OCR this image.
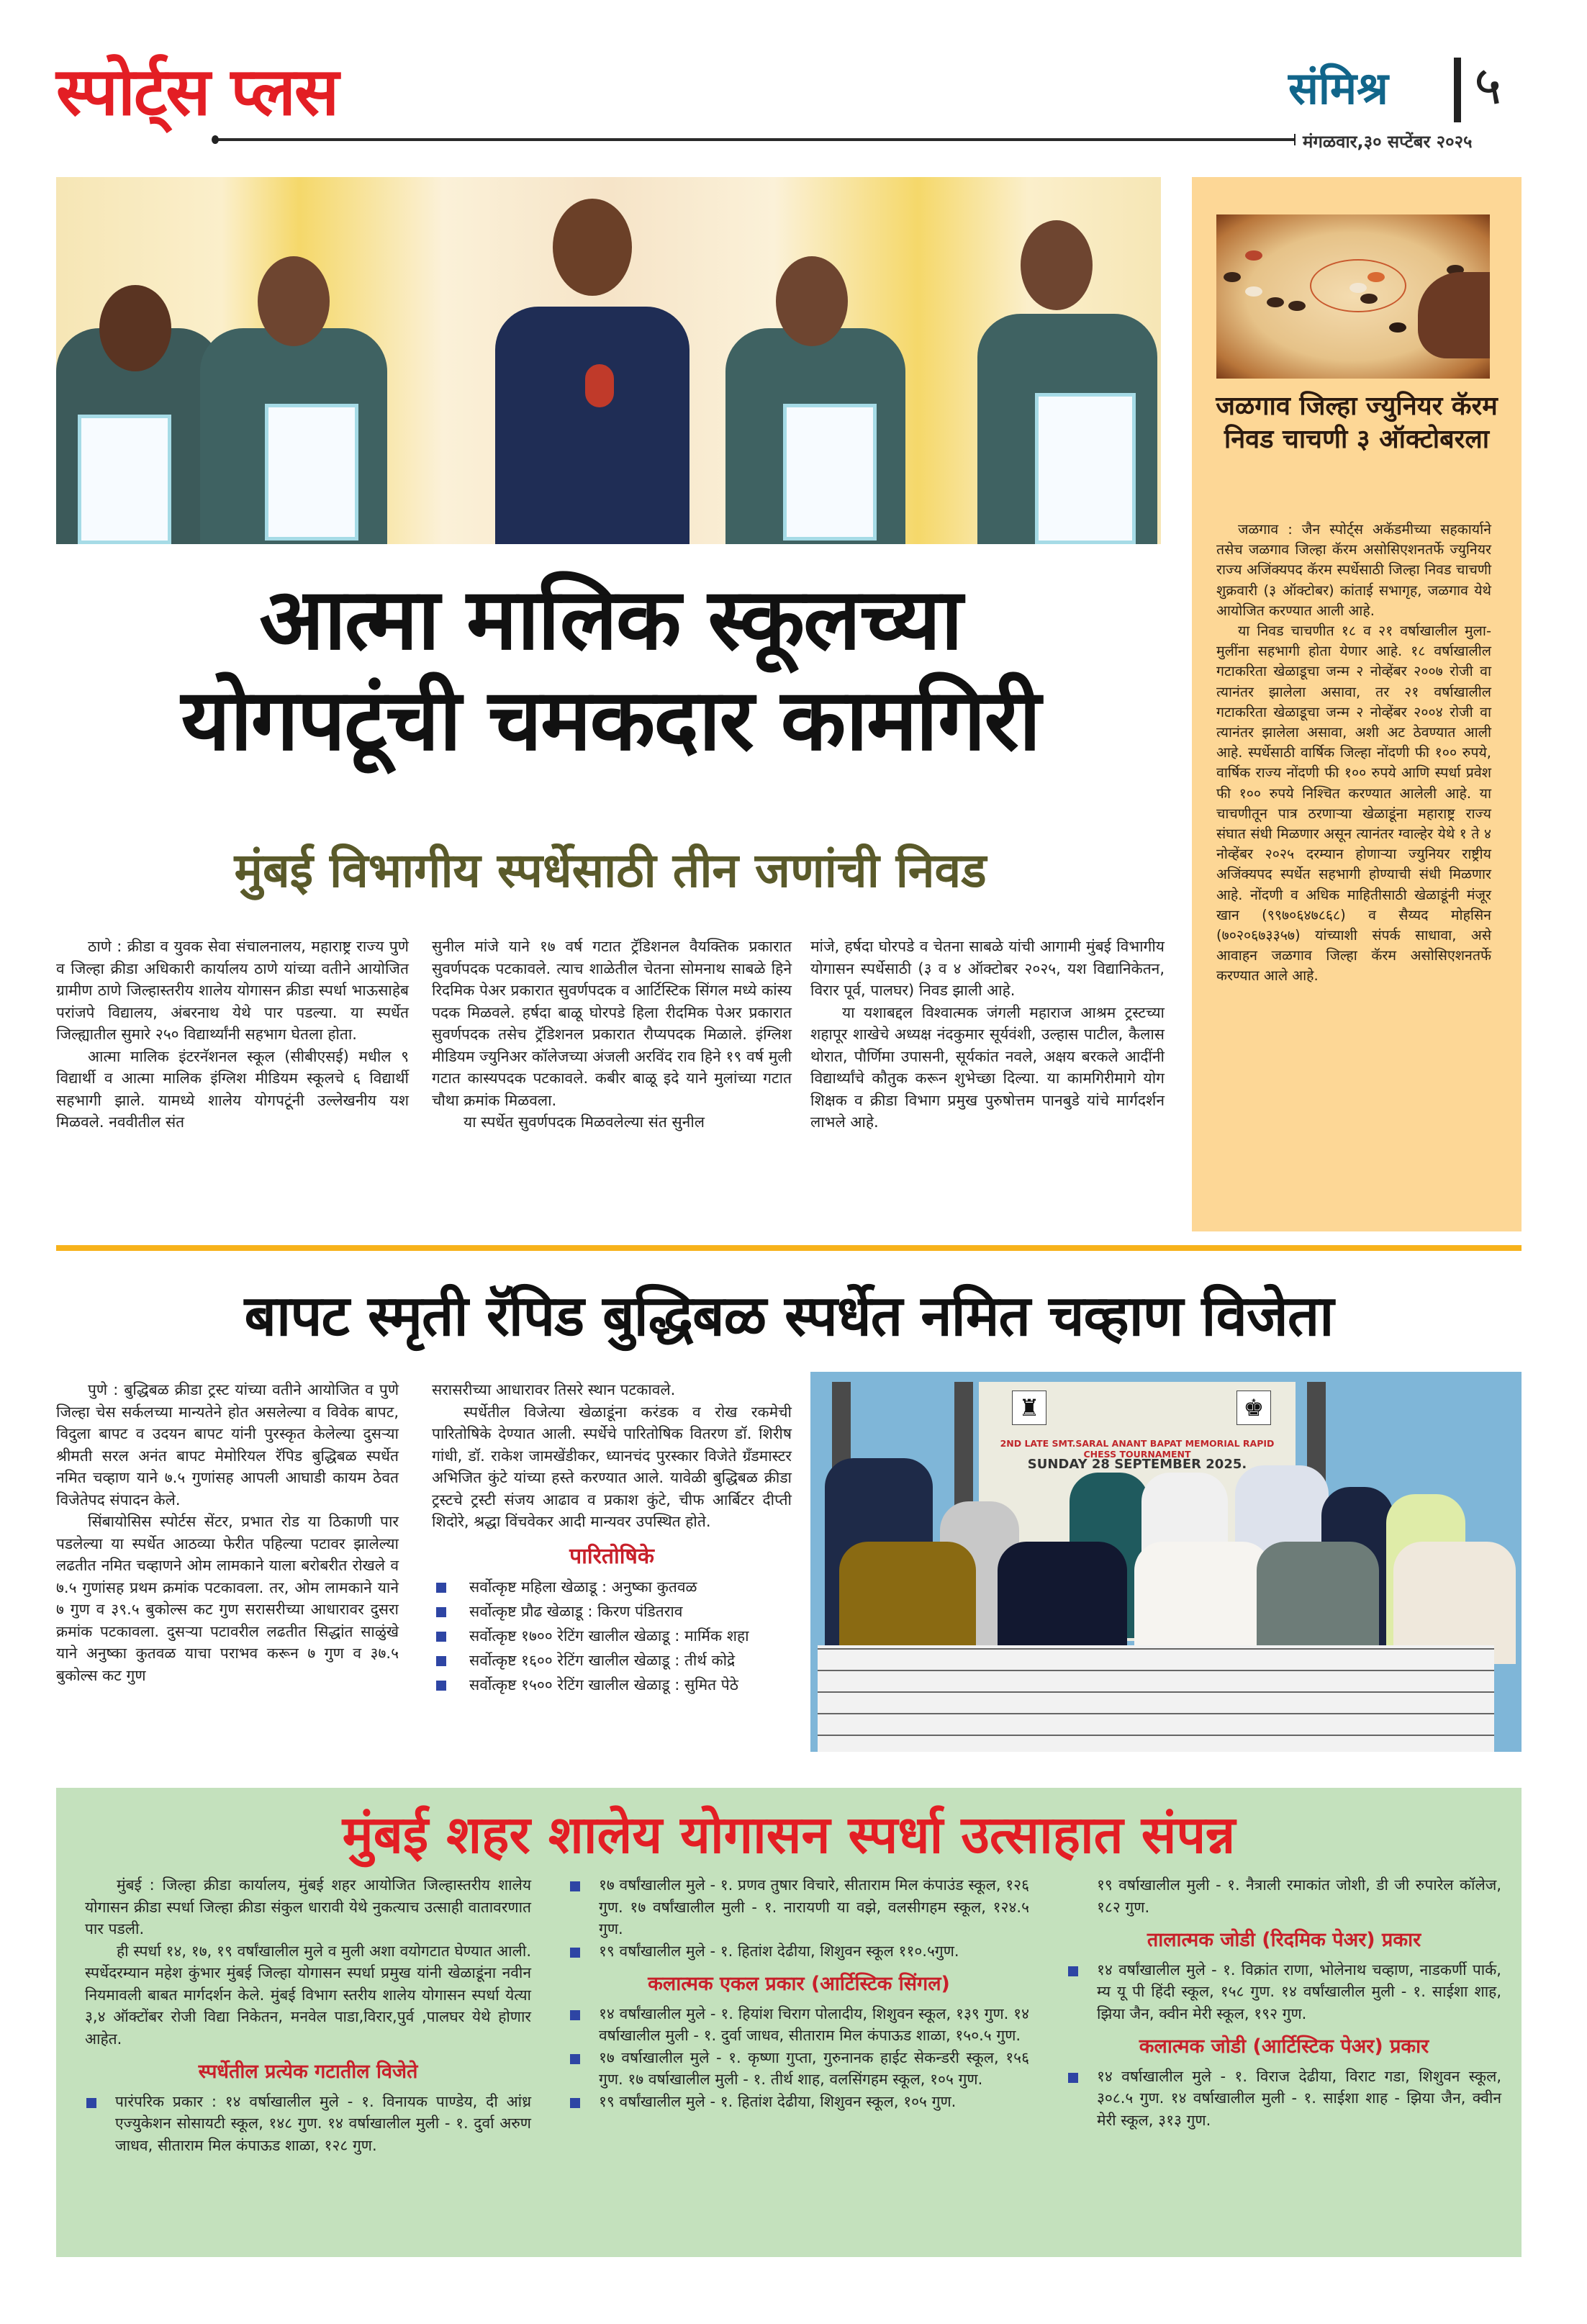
स्पोर्ट्स प्लस	संमिश्र ५
मंगळवार,३० सप्टेंबर २०२५
आत्मा मालिक स्कूलच्या
योगपटूंची चमकदार कामगिरी
मुंबई विभागीय स्पर्धेसाठी तीन जणांची निवड

ठाणे : क्रीडा व युवक सेवा संचालनालय, महाराष्ट्र राज्य पुणे व जिल्हा क्रीडा अधिकारी कार्यालय ठाणे यांच्या वतीने आयोजित ग्रामीण ठाणे जिल्हास्तरीय शालेय योगासन क्रीडा स्पर्धा भाऊसाहेब परांजपे विद्यालय, अंबरनाथ येथे पार पडल्या. या स्पर्धेत जिल्ह्यातील सुमारे २५० विद्यार्थ्यांनी सहभाग घेतला होता.

आत्मा मालिक इंटरनॅशनल स्कूल (सीबीएसई) मधील ९ विद्यार्थी व आत्मा मालिक इंग्लिश मीडियम स्कूलचे ६ विद्यार्थी सहभागी झाले. यामध्ये शालेय योगपटूंनी उल्लेखनीय यश मिळवले. नववीतील संत

सुनील मांजे याने १७ वर्ष गटात ट्रॅडिशनल वैयक्तिक प्रकारात सुवर्णपदक पटकावले. त्याच शाळेतील चेतना सोमनाथ साबळे हिने रिदमिक पेअर प्रकारात सुवर्णपदक व आर्टिस्टिक सिंगल मध्ये कांस्य पदक मिळवले. हर्षदा बाळू घोरपडे हिला रीदमिक पेअर प्रकारात सुवर्णपदक तसेच ट्रॅडिशनल प्रकारात रौप्यपदक मिळाले. इंग्लिश मीडियम ज्युनिअर कॉलेजच्या अंजली अरविंद राव हिने १९ वर्ष मुली गटात कास्यपदक पटकावले. कबीर बाळू इदे याने मुलांच्या गटात चौथा क्रमांक मिळवला.

या स्पर्धेत सुवर्णपदक मिळवलेल्या संत सुनील

मांजे, हर्षदा घोरपडे व चेतना साबळे यांची आगामी मुंबई विभागीय योगासन स्पर्धेसाठी (३ व ४ ऑक्टोबर २०२५, यश विद्यानिकेतन, विरार पूर्व, पालघर) निवड झाली आहे.

या यशाबद्दल विश्वात्मक जंगली महाराज आश्रम ट्रस्टच्या शहापूर शाखेचे अध्यक्ष नंदकुमार सूर्यवंशी, उल्हास पाटील, कैलास थोरात, पौर्णिमा उपासनी, सूर्यकांत नवले, अक्षय बरकले आदींनी विद्यार्थ्यांचे कौतुक करून शुभेच्छा दिल्या. या कामगिरीमागे योग शिक्षक व क्रीडा विभाग प्रमुख पुरुषोत्तम पानबुडे यांचे मार्गदर्शन लाभले आहे.

जळगाव जिल्हा ज्युनियर कॅरम निवड चाचणी ३ ऑक्टोबरला

जळगाव : जैन स्पोर्ट्स अकॅडमीच्या सहकार्याने तसेच जळगाव जिल्हा कॅरम असोसिएशनतर्फे ज्युनियर राज्य अजिंक्यपद कॅरम स्पर्धेसाठी जिल्हा निवड चाचणी शुक्रवारी (३ ऑक्टोबर) कांताई सभागृह, जळगाव येथे आयोजित करण्यात आली आहे.

या निवड चाचणीत १८ व २१ वर्षाखालील मुला-मुलींना सहभागी होता येणार आहे. १८ वर्षाखालील गटाकरिता खेळाडूचा जन्म २ नोव्हेंबर २००७ रोजी वा त्यानंतर झालेला असावा, तर २१ वर्षाखालील गटाकरिता खेळाडूचा जन्म २ नोव्हेंबर २००४ रोजी वा त्यानंतर झालेला असावा, अशी अट ठेवण्यात आली आहे. स्पर्धेसाठी वार्षिक जिल्हा नोंदणी फी १०० रुपये, वार्षिक राज्य नोंदणी फी १०० रुपये आणि स्पर्धा प्रवेश फी १०० रुपये निश्चित करण्यात आलेली आहे. या चाचणीतून पात्र ठरणाऱ्या खेळाडूंना महाराष्ट्र राज्य संघात संधी मिळणार असून त्यानंतर ग्वाल्हेर येथे १ ते ४ नोव्हेंबर २०२५ दरम्यान होणाऱ्या ज्युनियर राष्ट्रीय अजिंक्यपद स्पर्धेत सहभागी होण्याची संधी मिळणार आहे. नोंदणी व अधिक माहितीसाठी खेळाडूंनी मंजूर खान (९९७०६४७८६८) व सैय्यद मोहसिन (७०२०६७३३५७) यांच्याशी संपर्क साधावा, असे आवाहन जळगाव जिल्हा कॅरम असोसिएशनतर्फे करण्यात आले आहे.

बापट स्मृती रॅपिड बुद्धिबळ स्पर्धेत नमित चव्हाण विजेता

पुणे : बुद्धिबळ क्रीडा ट्रस्ट यांच्या वतीने आयोजित व पुणे जिल्हा चेस सर्कलच्या मान्यतेने होत असलेल्या व विवेक बापट, विदुला बापट व उदयन बापट यांनी पुरस्कृत केलेल्या दुसऱ्या श्रीमती सरल अनंत बापट मेमोरियल रॅपिड बुद्धिबळ स्पर्धेत नमित चव्हाण याने ७.५ गुणांसह आपली आघाडी कायम ठेवत विजेतेपद संपादन केले.

सिंबायोसिस स्पोर्टस सेंटर, प्रभात रोड या ठिकाणी पार पडलेल्या या स्पर्धेत आठव्या फेरीत पहिल्या पटावर झालेल्या लढतीत नमित चव्हाणने ओम लामकाने याला बरोबरीत रोखले व ७.५ गुणांसह प्रथम क्रमांक पटकावला. तर, ओम लामकाने याने ७ गुण व ३९.५ बुकोल्स कट गुण सरासरीच्या आधारावर दुसरा क्रमांक पटकावला. दुसऱ्या पटावरील लढतीत सिद्धांत साळुंखे याने अनुष्का कुतवळ याचा पराभव करून ७ गुण व ३७.५ बुकोल्स कट गुण

सरासरीच्या आधारावर तिसरे स्थान पटकावले.

स्पर्धेतील विजेत्या खेळाडूंना करंडक व रोख रकमेची पारितोषिके देण्यात आली. स्पर्धेचे पारितोषिक वितरण डॉ. शिरीष गांधी, डॉ. राकेश जामखेंडीकर, ध्यानचंद पुरस्कार विजेते ग्रँडमास्टर अभिजित कुंटे यांच्या हस्ते करण्यात आले. यावेळी बुद्धिबळ क्रीडा ट्रस्टचे ट्रस्टी संजय आढाव व प्रकाश कुंटे, चीफ आर्बिटर दीप्ती शिदोरे, श्रद्धा विंचवेकर आदी मान्यवर उपस्थित होते.

पारितोषिके
सर्वोत्कृष्ट महिला खेळाडू : अनुष्का कुतवळ
सर्वोत्कृष्ट प्रौढ खेळाडू : किरण पंडितराव
सर्वोत्कृष्ट १७०० रेटिंग खालील खेळाडू : मार्मिक शहा
सर्वोत्कृष्ट १६०० रेटिंग खालील खेळाडू : तीर्थ कोद्रे
सर्वोत्कृष्ट १५०० रेटिंग खालील खेळाडू : सुमित पेठे
♜	♚
2ND LATE SMT.SARAL ANANT BAPAT MEMORIAL RAPID CHESS TOURNAMENT
SUNDAY 28 SEPTEMBER 2025.
मुंबई शहर शालेय योगासन स्पर्धा उत्साहात संपन्न

मुंबई : जिल्हा क्रीडा कार्यालय, मुंबई शहर आयोजित जिल्हास्तरीय शालेय योगासन क्रीडा स्पर्धा जिल्हा क्रीडा संकुल धारावी येथे नुकत्याच उत्साही वातावरणात पार पडली.

ही स्पर्धा १४, १७, १९ वर्षांखालील मुले व मुली अशा वयोगटात घेण्यात आली. स्पर्धेदरम्यान महेश कुंभार मुंबई जिल्हा योगासन स्पर्धा प्रमुख यांनी खेळाडूंना नवीन नियमावली बाबत मार्गदर्शन केले. मुंबई विभाग स्तरीय शालेय योगासन स्पर्धा येत्या ३,४ ऑक्टोंबर रोजी विद्या निकेतन, मनवेल पाडा,विरार,पुर्व ,पालघर येथे होणार आहेत.

स्पर्धेतील प्रत्येक गटातील विजेते
पारंपरिक प्रकार : १४ वर्षाखालील मुले - १. विनायक पाण्डेय, दी आंध्र एज्युकेशन सोसायटी स्कूल, १४८ गुण. १४ वर्षाखालील मुली - १. दुर्वा अरुण जाधव, सीताराम मिल कंपाऊड शाळा, १२८ गुण.
१७ वर्षांखालील मुले - १. प्रणव तुषार विचारे, सीताराम मिल कंपाउंड स्कूल, १२६ गुण. १७ वर्षांखालील मुली - १. नारायणी या वझे, वलसीगहम स्कूल, १२४.५ गुण.
१९ वर्षांखालील मुले - १. हितांश देढीया, शिशुवन स्कूल ११०.५गुण.
कलात्मक एकल प्रकार (आर्टिस्टिक सिंगल)
१४ वर्षांखालील मुले - १. हियांश चिराग पोलादीय, शिशुवन स्कूल, १३९ गुण. १४ वर्षाखालील मुली - १. दुर्वा जाधव, सीताराम मिल कंपाऊड शाळा, १५०.५ गुण.
१७ वर्षाखालील मुले - १. कृष्णा गुप्ता, गुरुनानक हाईट सेकन्डरी स्कूल, १५६ गुण. १७ वर्षाखालील मुली - १. तीर्थ शाह, वलसिंगहम स्कूल, १०५ गुण.
१९ वर्षांखालील मुले - १. हितांश देढीया, शिशुवन स्कूल, १०५ गुण.
१९ वर्षाखालील मुली - १. नैत्राली रमाकांत जोशी, डी जी रुपारेल कॉलेज, १८२ गुण.
तालात्मक जोडी (रिदमिक पेअर) प्रकार
१४ वर्षांखालील मुले - १. विक्रांत राणा, भोलेनाथ चव्हाण, नाडकर्णी पार्क, म्य यू पी हिंदी स्कूल, १५८ गुण. १४ वर्षांखालील मुली - १. साईशा शाह, झिया जैन, क्वीन मेरी स्कूल, १९२ गुण.
कलात्मक जोडी (आर्टिस्टिक पेअर) प्रकार
१४ वर्षाखालील मुले - १. विराज देढीया, विराट गडा, शिशुवन स्कूल, ३०८.५ गुण. १४ वर्षाखालील मुली - १. साईशा शाह - झिया जैन, क्वीन मेरी स्कूल, ३१३ गुण.
